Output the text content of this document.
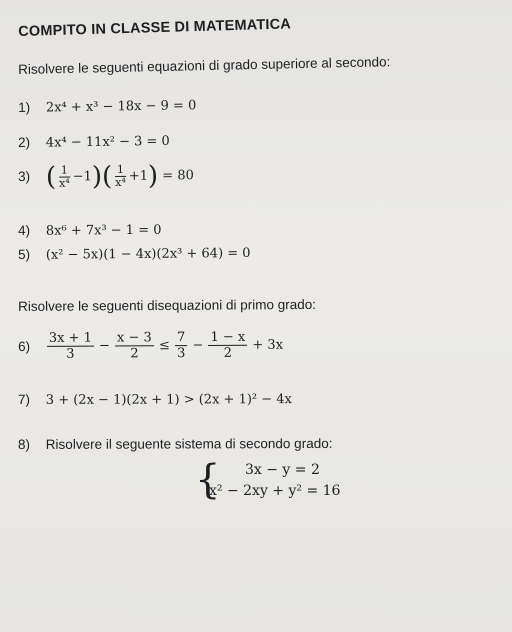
COMPITO IN CLASSE DI MATEMATICA
Risolvere le seguenti equazioni di grado superiore al secondo:
1) 2x⁴ + x³ − 18x − 9 = 0
2) 4x⁴ − 11x² − 3 = 0
3) ( $\frac{1}{\text{x⁴}} -1)( \frac{1}{\text{x⁴}} +1) = 80$
4) 8x⁶ + 7x³ − 1 = 0
5) (x² − 5x)(1 − 4x)(2x³ + 64) = 0
Risolvere le seguenti disequazioni di primo grado:
$6) \frac{3x + 1}{3} - \frac{x - 3}{2} \le \frac{7}{3} - \frac{1 - x}{2} + 3x$
7) 3 + (2x − 1)(2x + 1) > (2x + 1)² − 4x
8) Risolvere il seguente sistema di secondo grado:
{ 3x − y = 2
x² − 2xy + y² = 16
